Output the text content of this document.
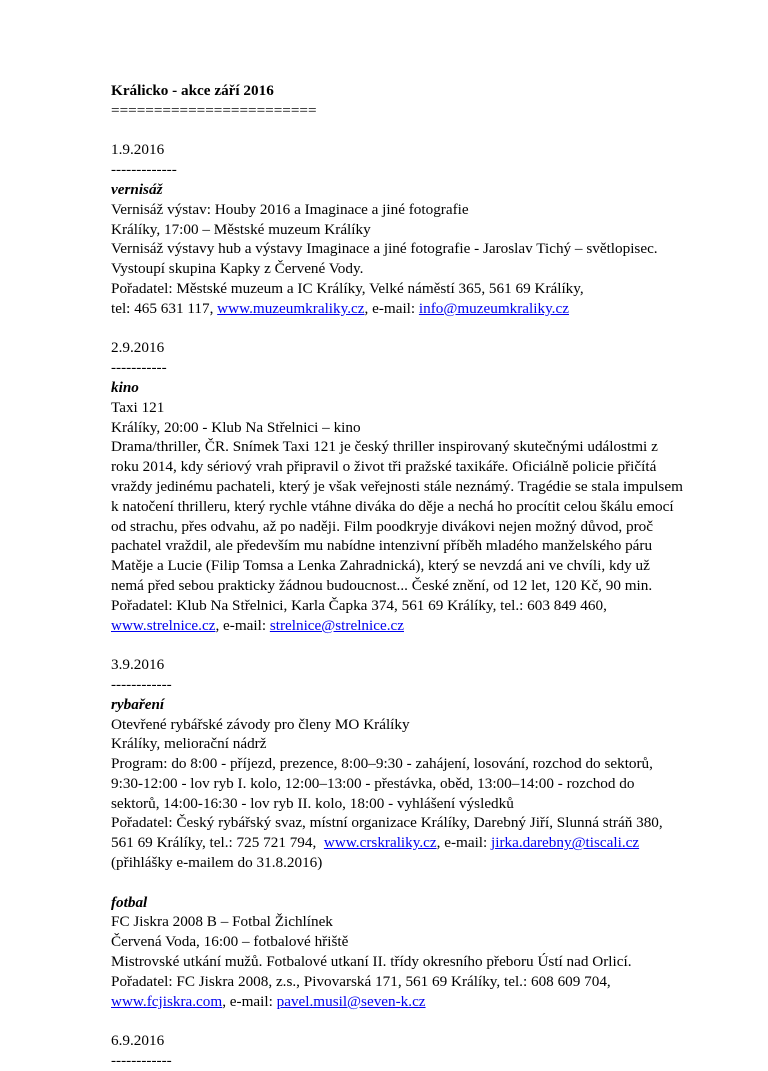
Králicko - akce září 2016
========================
1.9.2016
-------------
vernisáž
Vernisáž výstav: Houby 2016 a Imaginace a jiné fotografie
Králíky, 17:00 – Městské muzeum Králíky
Vernisáž výstavy hub a výstavy Imaginace a jiné fotografie - Jaroslav Tichý – světlopisec.
Vystoupí skupina Kapky z Červené Vody.
Pořadatel: Městské muzeum a IC Králíky, Velké náměstí 365, 561 69 Králíky,
tel: 465 631 117, www.muzeumkraliky.cz, e-mail: info@muzeumkraliky.cz
2.9.2016
-----------
kino
Taxi 121
Králíky, 20:00 - Klub Na Střelnici – kino
Drama/thriller, ČR. Snímek Taxi 121 je český thriller inspirovaný skutečnými událostmi z
roku 2014, kdy sériový vrah připravil o život tři pražské taxikáře. Oficiálně policie přičítá
vraždy jedinému pachateli, který je však veřejnosti stále neznámý. Tragédie se stala impulsem
k natočení thrilleru, který rychle vtáhne diváka do děje a nechá ho procítit celou škálu emocí
od strachu, přes odvahu, až po naději. Film poodkryje divákovi nejen možný důvod, proč
pachatel vraždil, ale především mu nabídne intenzivní příběh mladého manželského páru
Matěje a Lucie (Filip Tomsa a Lenka Zahradnická), který se nevzdá ani ve chvíli, kdy už
nemá před sebou prakticky žádnou budoucnost... České znění, od 12 let, 120 Kč, 90 min.
Pořadatel: Klub Na Střelnici, Karla Čapka 374, 561 69 Králíky, tel.: 603 849 460,
www.strelnice.cz, e-mail: strelnice@strelnice.cz
3.9.2016
------------
rybaření
Otevřené rybářské závody pro členy MO Králíky
Králíky, meliorační nádrž
Program: do 8:00 - příjezd, prezence, 8:00–9:30 - zahájení, losování, rozchod do sektorů,
9:30-12:00 - lov ryb I. kolo, 12:00–13:00 - přestávka, oběd, 13:00–14:00 - rozchod do
sektorů, 14:00-16:30 - lov ryb II. kolo, 18:00 - vyhlášení výsledků
Pořadatel: Český rybářský svaz, místní organizace Králíky, Darebný Jiří, Slunná stráň 380,
561 69 Králíky, tel.: 725 721 794,  www.crskraliky.cz, e-mail: jirka.darebny@tiscali.cz
(přihlášky e-mailem do 31.8.2016)
fotbal
FC Jiskra 2008 B – Fotbal Žichlínek
Červená Voda, 16:00 – fotbalové hřiště
Mistrovské utkání mužů. Fotbalové utkaní II. třídy okresního přeboru Ústí nad Orlicí.
Pořadatel: FC Jiskra 2008, z.s., Pivovarská 171, 561 69 Králíky, tel.: 608 609 704,
www.fcjiskra.com, e-mail: pavel.musil@seven-k.cz
6.9.2016
------------
